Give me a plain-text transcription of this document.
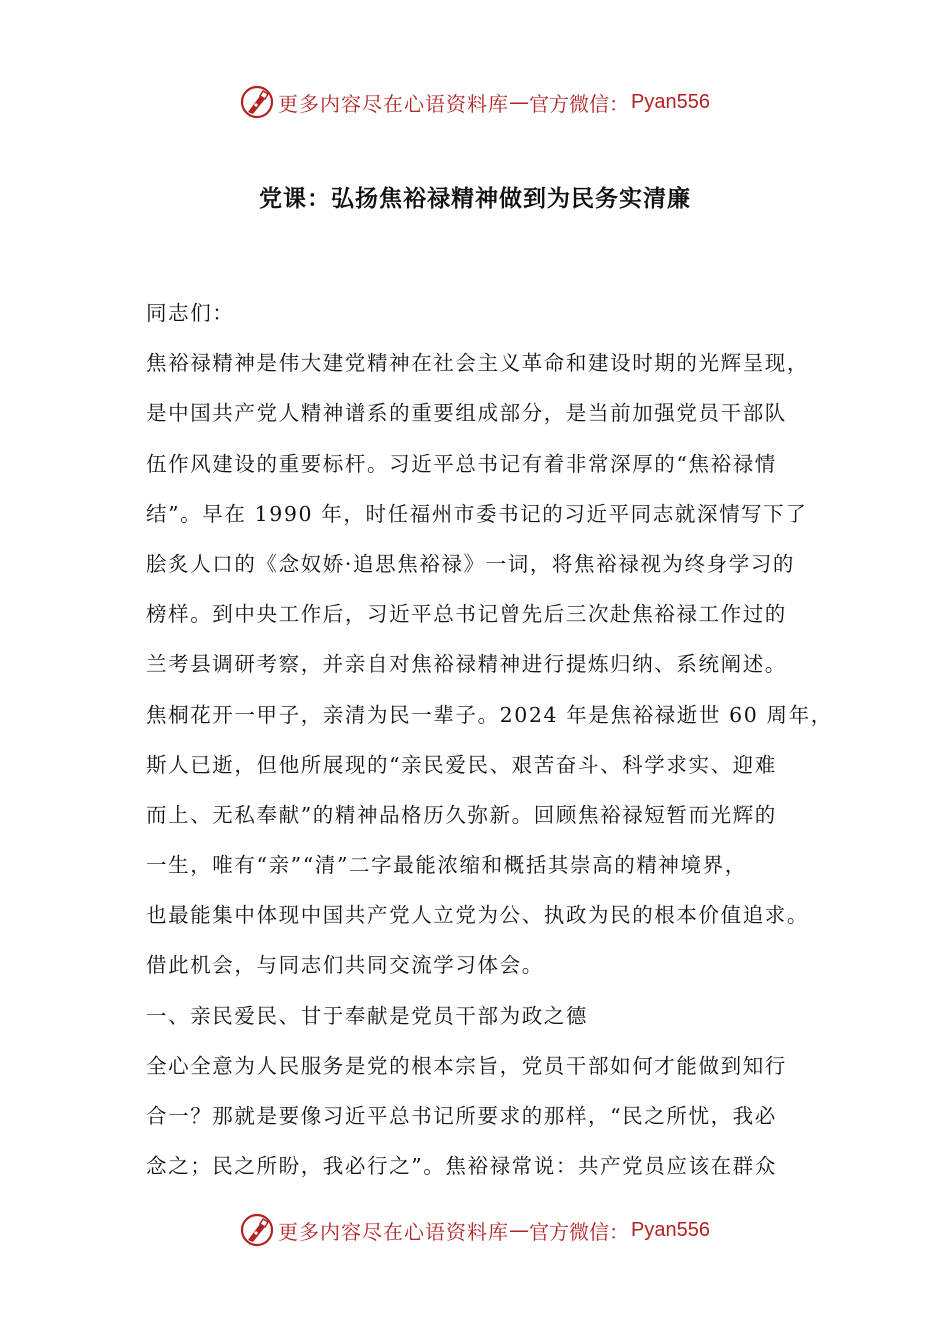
更多内容尽在心语资料库 — 官方微信： Pyan556
党课：弘扬焦裕禄精神做到为民务实清廉
同志们：
焦裕禄精神是伟大建党精神在社会主义革命和建设时期的光辉呈现，
是中国共产党人精神谱系的重要组成部分，是当前加强党员干部队
伍作风建设的重要标杆。习近平总书记有着非常深厚的“焦裕禄情
结”。早在 1990 年，时任福州市委书记的习近平同志就深情写下了
脍炙人口的《念奴娇·追思焦裕禄》一词，将焦裕禄视为终身学习的
榜样。到中央工作后，习近平总书记曾先后三次赴焦裕禄工作过的
兰考县调研考察，并亲自对焦裕禄精神进行提炼归纳、系统阐述。
焦桐花开一甲子，亲清为民一辈子。2024 年是焦裕禄逝世 60 周年，
斯人已逝，但他所展现的“亲民爱民、艰苦奋斗、科学求实、迎难
而上、无私奉献”的精神品格历久弥新。回顾焦裕禄短暂而光辉的
一生，唯有“亲”“清”二字最能浓缩和概括其崇高的精神境界，
也最能集中体现中国共产党人立党为公、执政为民的根本价值追求。
借此机会，与同志们共同交流学习体会。
一、亲民爱民、甘于奉献是党员干部为政之德
全心全意为人民服务是党的根本宗旨，党员干部如何才能做到知行
合一？那就是要像习近平总书记所要求的那样，“民之所忧，我必
念之；民之所盼，我必行之”。焦裕禄常说：共产党员应该在群众
更多内容尽在心语资料库 — 官方微信： Pyan556
